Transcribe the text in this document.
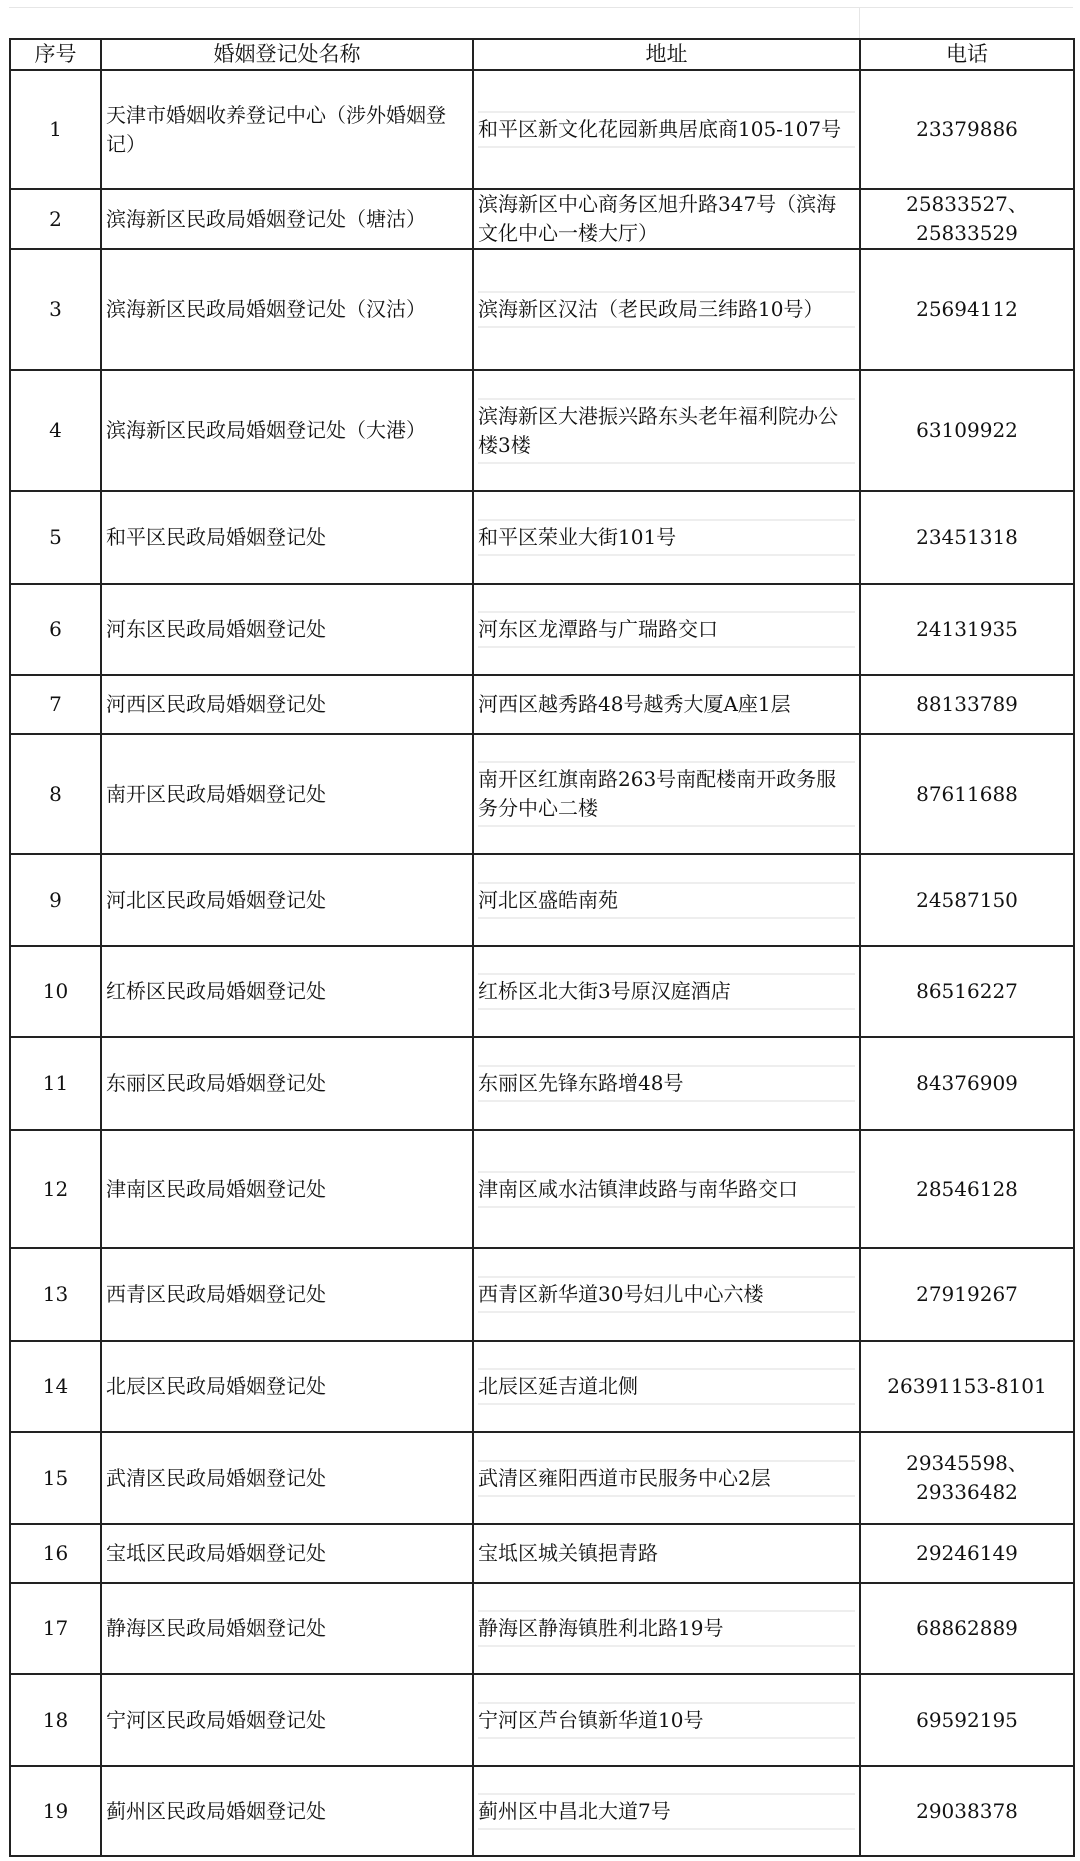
序号	婚姻登记处名称	地址	电话
1	天津市婚姻收养登记中心（涉外婚姻登记）	和平区新文化花园新典居底商105-107号	23379886
2	滨海新区民政局婚姻登记处（塘沽）	滨海新区中心商务区旭升路347号（滨海文化中心一楼大厅）	25833527、25833529
3	滨海新区民政局婚姻登记处（汉沽）	滨海新区汉沽（老民政局三纬路10号）	25694112
4	滨海新区民政局婚姻登记处（大港）	滨海新区大港振兴路东头老年福利院办公楼3楼	63109922
5	和平区民政局婚姻登记处	和平区荣业大街101号	23451318
6	河东区民政局婚姻登记处	河东区龙潭路与广瑞路交口	24131935
7	河西区民政局婚姻登记处	河西区越秀路48号越秀大厦A座1层	88133789
8	南开区民政局婚姻登记处	南开区红旗南路263号南配楼南开政务服务分中心二楼	87611688
9	河北区民政局婚姻登记处	河北区盛皓南苑	24587150
10	红桥区民政局婚姻登记处	红桥区北大街3号原汉庭酒店	86516227
11	东丽区民政局婚姻登记处	东丽区先锋东路增48号	84376909
12	津南区民政局婚姻登记处	津南区咸水沽镇津歧路与南华路交口	28546128
13	西青区民政局婚姻登记处	西青区新华道30号妇儿中心六楼	27919267
14	北辰区民政局婚姻登记处	北辰区延吉道北侧	26391153-8101
15	武清区民政局婚姻登记处	武清区雍阳西道市民服务中心2层	29345598、29336482
16	宝坻区民政局婚姻登记处	宝坻区城关镇挹青路	29246149
17	静海区民政局婚姻登记处	静海区静海镇胜利北路19号	68862889
18	宁河区民政局婚姻登记处	宁河区芦台镇新华道10号	69592195
19	蓟州区民政局婚姻登记处	蓟州区中昌北大道7号	29038378
